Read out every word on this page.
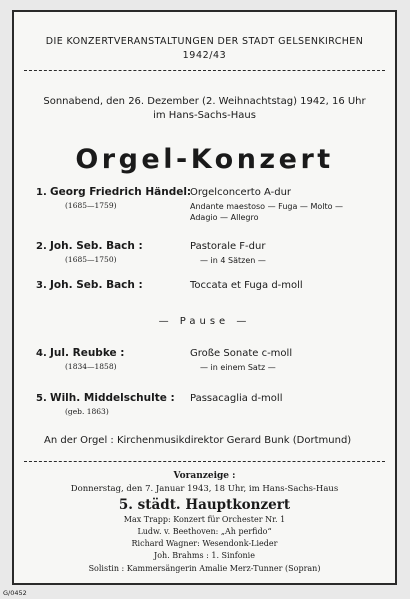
DIE KONZERTVERANSTALTUNGEN DER STADT GELSENKIRCHEN
1942/43
Sonnabend, den 26. Dezember (2. Weihnachtstag) 1942, 16 Uhr
im Hans-Sachs-Haus
Orgel-Konzert
1. Georg Friedrich Händel:
(1685—1759)
Orgelconcerto A-dur
Andante maestoso — Fuga — Molto —
Adagio — Allegro
2. Joh. Seb. Bach :
(1685—1750)
Pastorale F-dur
— in 4 Sätzen —
3. Joh. Seb. Bach :	Toccata et Fuga d-moll
— Pause —
4. Jul. Reubke :
(1834—1858)
Große Sonate c-moll
— in einem Satz —
5. Wilh. Middelschulte :
(geb. 1863)
Passacaglia d-moll
An der Orgel : Kirchenmusikdirektor Gerard Bunk (Dortmund)
Voranzeige :
Donnerstag, den 7. Januar 1943, 18 Uhr, im Hans-Sachs-Haus
5. städt. Hauptkonzert
Max Trapp: Konzert für Orchester Nr. 1
Ludw. v. Beethoven: „Ah perfido“
Richard Wagner: Wesendonk-Lieder
Joh. Brahms : 1. Sinfonie
Solistin : Kammersängerin Amalie Merz-Tunner (Sopran)
G/0452
